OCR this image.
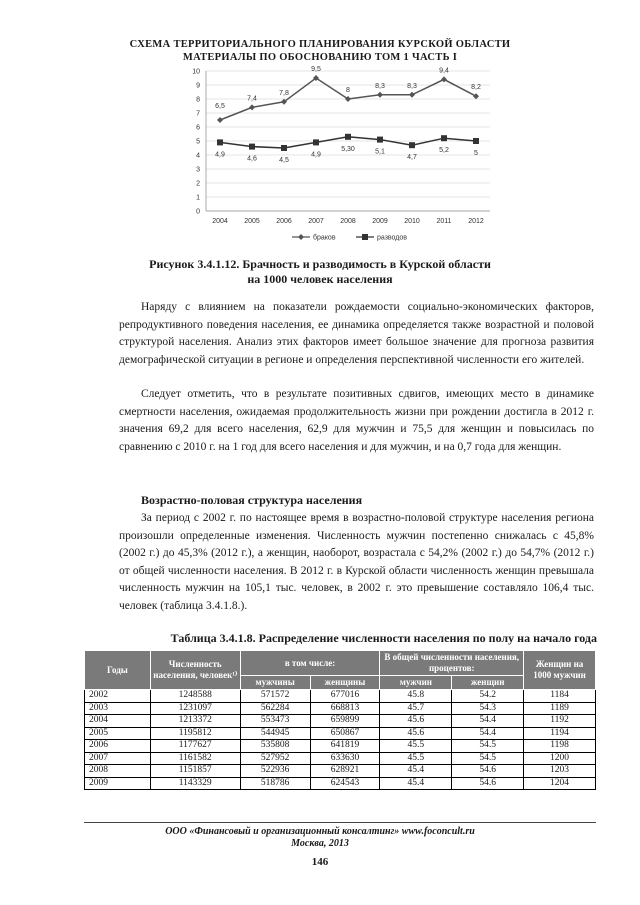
СХЕМА ТЕРРИТОРИАЛЬНОГО ПЛАНИРОВАНИЯ КУРСКОЙ ОБЛАСТИ
МАТЕРИАЛЫ ПО ОБОСНОВАНИЮ ТОМ 1 ЧАСТЬ I
0
1
2
3
4
5
6
7
8
9
10
2004 2005 2006 2007 2008 2009 2010 2011 2012
6,5
7,4
7,8
9,5
8
8,3	8,3
9,4
8,2
4,9
4,6	4,5
4,9
5,30	5,1
4,7
5,2	5
браков	разводов
Рисунок 3.4.1.12. Брачность и разводимость в Курской области
на 1000 человек населения

Наряду с влиянием на показатели рождаемости социально-экономических факторов, репродуктивного поведения населения, ее динамика определяется также возрастной и половой структурой населения. Анализ этих факторов имеет большое значение для прогноза развития демографической ситуации в регионе и определения перспективной численности его жителей.

Следует отметить, что в результате позитивных сдвигов, имеющих место в динамике смертности населения, ожидаемая продолжительность жизни при рождении достигла в 2012 г. значения 69,2 для всего населения, 62,9 для мужчин и 75,5 для женщин и повысилась по сравнению с 2010 г. на 1 год для всего населения и для мужчин, и на 0,7 года для женщин.

Возрастно-половая структура населения

За период с 2002 г. по настоящее время в возрастно-половой структуре населения региона произошли определенные изменения. Численность мужчин постепенно снижалась с 45,8% (2002 г.) до 45,3% (2012 г.), а женщин, наоборот, возрастала с 54,2% (2002 г.) до 54,7% (2012 г.) от общей численности населения. В 2012 г. в Курской области численность женщин превышала численность мужчин на 105,1 тыс. человек, в 2002 г. это превышение составляло 106,4 тыс. человек (таблица 3.4.1.8.).

Таблица 3.4.1.8. Распределение численности населения по полу на начало года

Годы	Численность населения, человек¹⁾	в том числе:		В общей численности населения, процентов:		Женщин на 1000 мужчин
		мужчины	женщины	мужчин	женщин	
2002	1248588	571572	677016	45.8	54.2	1184
2003	1231097	562284	668813	45.7	54.3	1189
2004	1213372	553473	659899	45.6	54.4	1192
2005	1195812	544945	650867	45.6	54.4	1194
2006	1177627	535808	641819	45.5	54.5	1198
2007	1161582	527952	633630	45.5	54.5	1200
2008	1151857	522936	628921	45.4	54.6	1203
2009	1143329	518786	624543	45.4	54.6	1204
ООО «Финансовый и организационный консалтинг» www.foconcult.ru
Москва, 2013
146
